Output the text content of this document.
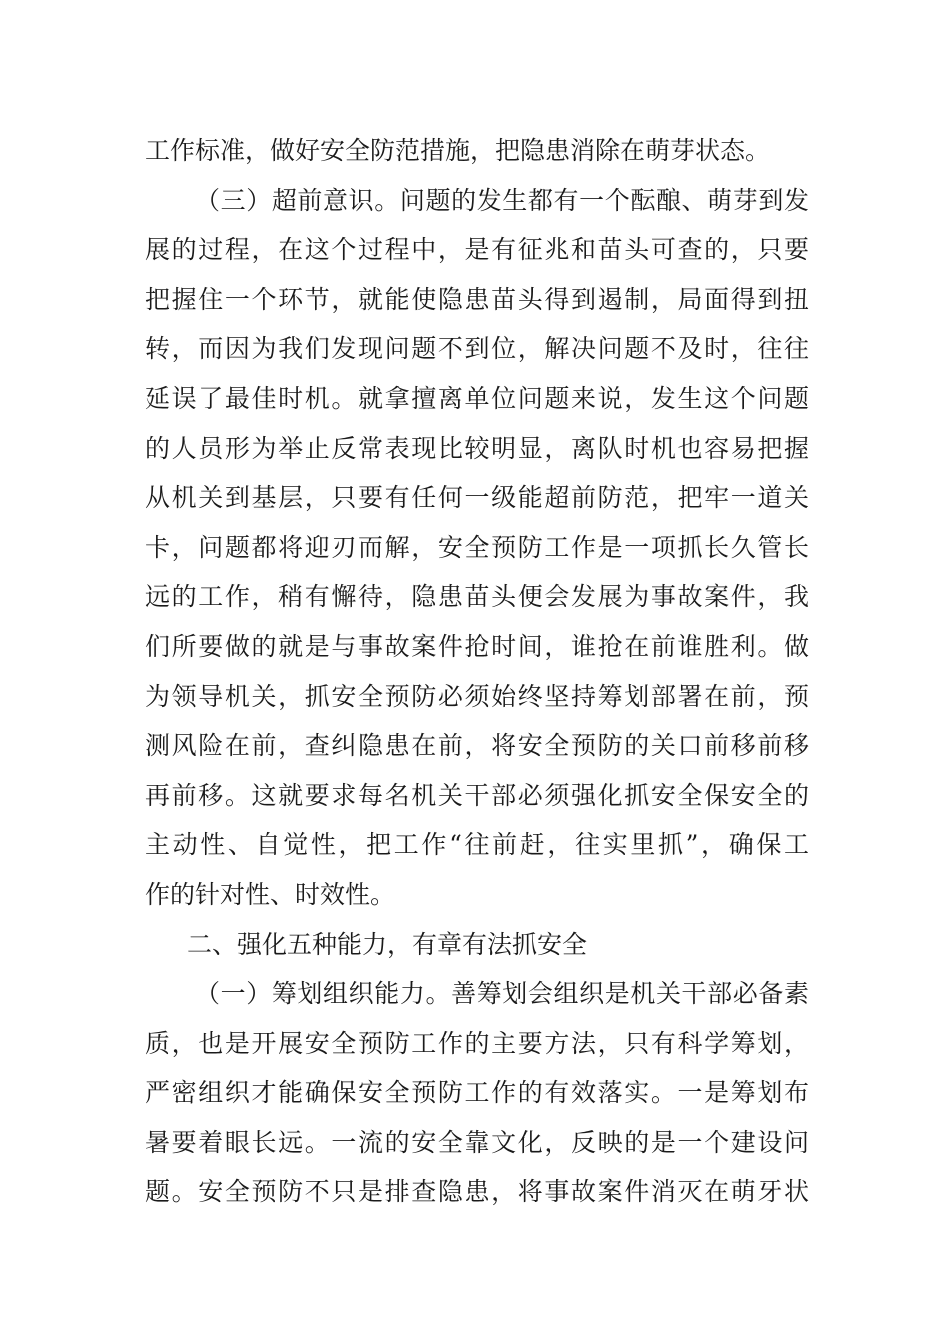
工作标准，做好安全防范措施，把隐患消除在萌芽状态。
（三）超前意识。问题的发生都有一个酝酿、萌芽到发
展的过程，在这个过程中，是有征兆和苗头可查的，只要
把握住一个环节，就能使隐患苗头得到遏制，局面得到扭
转，而因为我们发现问题不到位，解决问题不及时，往往
延误了最佳时机。就拿擅离单位问题来说，发生这个问题
的人员形为举止反常表现比较明显，离队时机也容易把握
从机关到基层，只要有任何一级能超前防范，把牢一道关
卡，问题都将迎刃而解，安全预防工作是一项抓长久管长
远的工作，稍有懈待，隐患苗头便会发展为事故案件，我
们所要做的就是与事故案件抢时间，谁抢在前谁胜利。做
为领导机关，抓安全预防必须始终坚持筹划部署在前，预
测风险在前，查纠隐患在前，将安全预防的关口前移前移
再前移。这就要求每名机关干部必须强化抓安全保安全的
主动性、自觉性，把工作“往前赶，往实里抓”，确保工
作的针对性、时效性。
二、强化五种能力，有章有法抓安全
（一）筹划组织能力。善筹划会组织是机关干部必备素
质，也是开展安全预防工作的主要方法，只有科学筹划，
严密组织才能确保安全预防工作的有效落实。一是筹划布
暑要着眼长远。一流的安全靠文化，反映的是一个建设问
题。安全预防不只是排查隐患，将事故案件消灭在萌牙状
